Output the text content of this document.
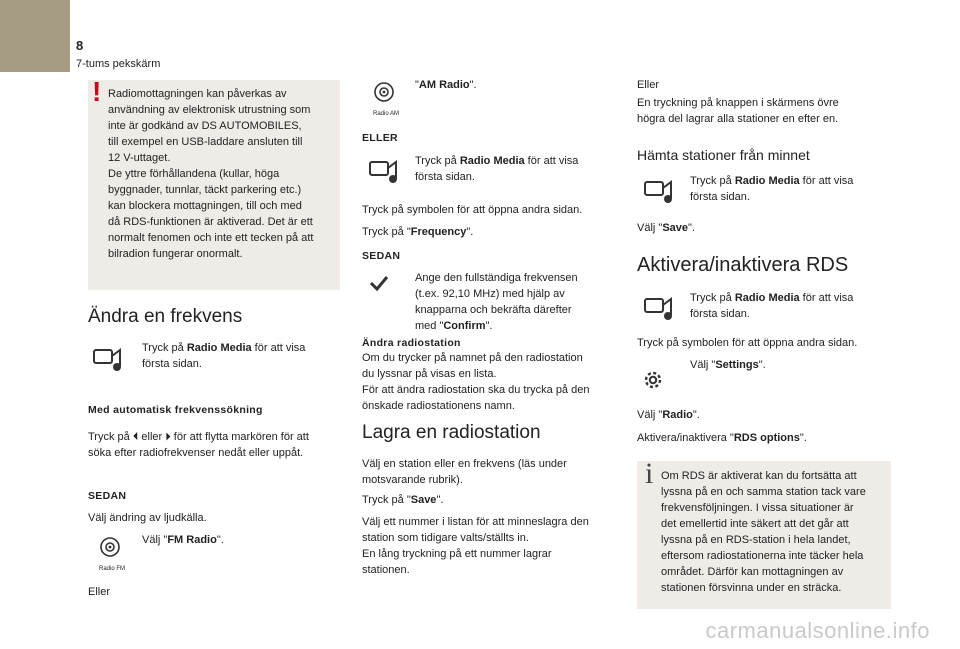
8
7-tums pekskärm
! Radiomottagningen kan påverkas av
användning av elektronisk utrustning som
inte är godkänd av DS AUTOMOBILES,
till exempel en USB-laddare ansluten till
12 V-uttaget.
De yttre förhållandena (kullar, höga
byggnader, tunnlar, täckt parkering etc.)
kan blockera mottagningen, till och med
då RDS-funktionen är aktiverad. Det är ett
normalt fenomen och inte ett tecken på att
bilradion fungerar onormalt.
Ändra en frekvens
Tryck på Radio Media för att visa
första sidan.
Med automatisk frekvenssökning
Tryck på ⏴ eller ⏵ för att flytta markören för att
söka efter radiofrekvenser nedåt eller uppåt.
SEDAN
Välj ändring av ljudkälla.
Radio FM
Välj "FM Radio".
Eller
Radio AM
"AM Radio".
ELLER
Tryck på Radio Media för att visa
första sidan.
Tryck på symbolen för att öppna andra sidan.
Tryck på "Frequency".
SEDAN
Ange den fullständiga frekvensen
(t.ex. 92,10 MHz) med hjälp av
knapparna och bekräfta därefter
med "Confirm".
Ändra radiostation
Om du trycker på namnet på den radiostation
du lyssnar på visas en lista.
För att ändra radiostation ska du trycka på den
önskade radiostationens namn.
Lagra en radiostation
Välj en station eller en frekvens (läs under
motsvarande rubrik).
Tryck på "Save".
Välj ett nummer i listan för att minneslagra den
station som tidigare valts/ställts in.
En lång tryckning på ett nummer lagrar
stationen.
Eller
En tryckning på knappen i skärmens övre
högra del lagrar alla stationer en efter en.
Hämta stationer från minnet
Tryck på Radio Media för att visa
första sidan.
Välj "Save".
Aktivera/inaktivera RDS
Tryck på Radio Media för att visa
första sidan.
Tryck på symbolen för att öppna andra sidan.
Välj "Settings".
Välj "Radio".
Aktivera/inaktivera "RDS options".
i Om RDS är aktiverat kan du fortsätta att
lyssna på en och samma station tack vare
frekvensföljningen. I vissa situationer är
det emellertid inte säkert att det går att
lyssna på en RDS-station i hela landet,
eftersom radiostationerna inte täcker hela
området. Därför kan mottagningen av
stationen försvinna under en sträcka.
carmanualsonline.info
